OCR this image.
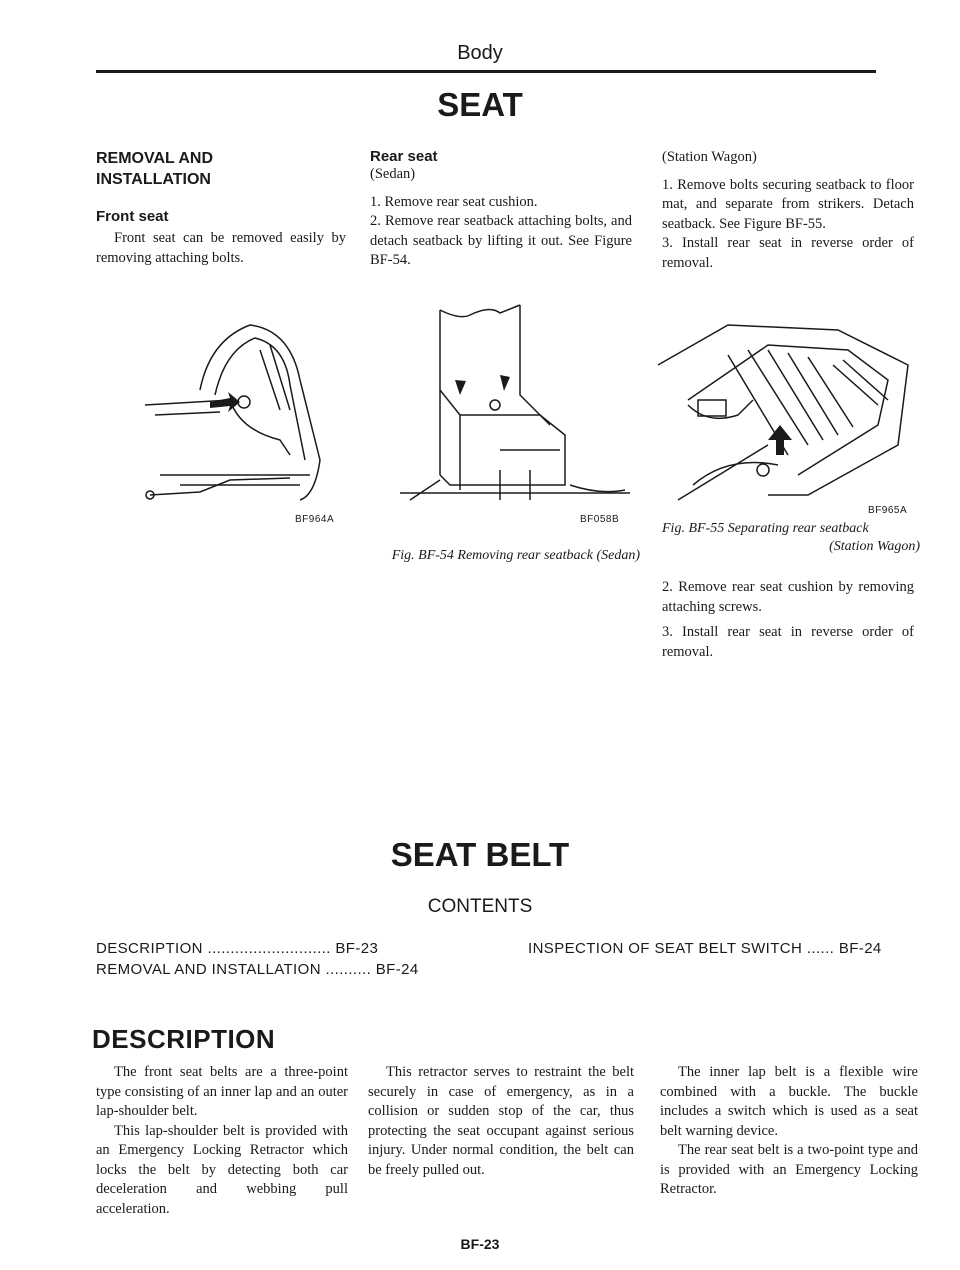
Body
SEAT
REMOVAL AND
INSTALLATION
Front seat
Front seat can be removed easily by removing attaching bolts.
BF964A
Rear seat
(Sedan)
1. Remove rear seat cushion.
2. Remove rear seatback attaching bolts, and detach seatback by lifting it out. See Figure BF-54.
BF058B
Fig. BF-54 Removing rear seatback (Sedan)
(Station Wagon)
1. Remove bolts securing seatback to floor mat, and separate from strikers. Detach seatback. See Figure BF-55.
3. Install rear seat in reverse order of removal.
BF965A
Fig. BF-55 Separating rear seatback
(Station Wagon)
2. Remove rear seat cushion by removing attaching screws.
3. Install rear seat in reverse order of removal.
SEAT BELT
CONTENTS
DESCRIPTION ........................... BF-23
REMOVAL AND INSTALLATION .......... BF-24
INSPECTION OF SEAT BELT SWITCH ...... BF-24
DESCRIPTION
The front seat belts are a three-point type consisting of an inner lap and an outer lap-shoulder belt.
This lap-shoulder belt is provided with an Emergency Locking Retractor which locks the belt by detecting both car deceleration and webbing pull acceleration.
This retractor serves to restraint the belt securely in case of emergency, as in a collision or sudden stop of the car, thus protecting the seat occupant against serious injury. Under normal condition, the belt can be freely pulled out.
The inner lap belt is a flexible wire combined with a buckle. The buckle includes a switch which is used as a seat belt warning device.
The rear seat belt is a two-point type and is provided with an Emergency Locking Retractor.
BF-23
